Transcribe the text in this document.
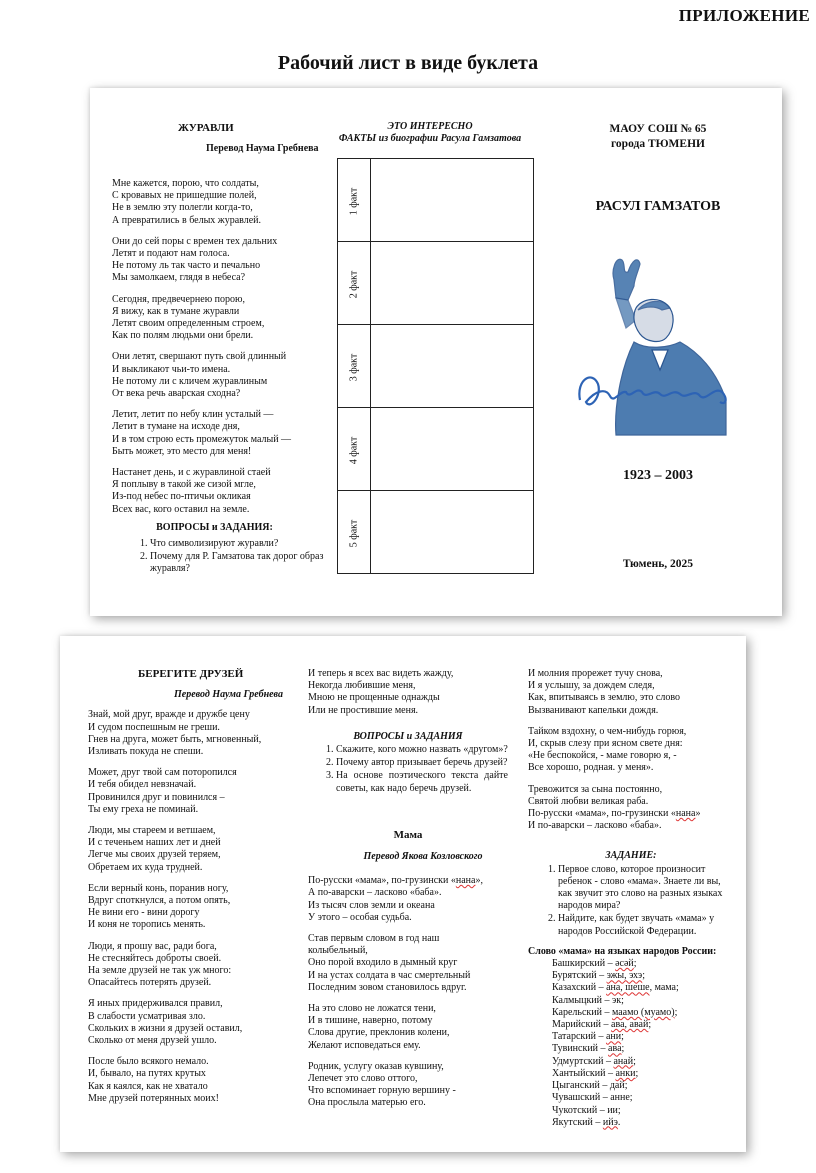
ПРИЛОЖЕНИЕ
Рабочий лист в виде буклета
ЖУРАВЛИ
Перевод Наума Гребнева

Мне кажется, порою, что солдаты,
С кровавых не пришедшие полей,
Не в землю эту полегли когда-то,
А превратились в белых журавлей.

Они до сей поры с времен тех дальних
Летят и подают нам голоса.
Не потому ль так часто и печально
Мы замолкаем, глядя в небеса?

Сегодня, предвечернею порою,
Я вижу, как в тумане журавли
Летят своим определенным строем,
Как по полям людьми они брели.

Они летят, свершают путь свой длинный
И выкликают чьи-то имена.
Не потому ли с кличем журавлиным
От века речь аварская сходна?

Летит, летит по небу клин усталый —
Летит в тумане на исходе дня,
И в том строю есть промежуток малый —
Быть может, это место для меня!

Настанет день, и с журавлиной стаей
Я поплыву в такой же сизой мгле,
Из-под небес по-птичьи окликая
Всех вас, кого оставил на земле.

ВОПРОСЫ и ЗАДАНИЯ:
1. Что символизируют журавли?
2. Почему для Р. Гамзатова так дорог образ журавля?
ЭТО ИНТЕРЕСНО
ФАКТЫ из биографии Расула Гамзатова
1 факт	
2 факт	
3 факт	
4 факт	
5 факт	
МАОУ СОШ № 65
города ТЮМЕНИ
РАСУЛ ГАМЗАТОВ
1923 – 2003
Тюмень, 2025
БЕРЕГИТЕ ДРУЗЕЙ
Перевод Наума Гребнева

Знай, мой друг, вражде и дружбе цену
И судом поспешным не греши.
Гнев на друга, может быть, мгновенный,
Изливать покуда не спеши.

Может, друг твой сам поторопился
И тебя обидел невзначай.
Провинился друг и повинился –
Ты ему греха не поминай.

Люди, мы стареем и ветшаем,
И с теченьем наших лет и дней
Легче мы своих друзей теряем,
Обретаем их куда трудней.

Если верный конь, поранив ногу,
Вдруг споткнулся, а потом опять,
Не вини его - вини дорогу
И коня не торопись менять.

Люди, я прошу вас, ради бога,
Не стесняйтесь доброты своей.
На земле друзей не так уж много:
Опасайтесь потерять друзей.

Я иных придерживался правил,
В слабости усматривая зло.
Скольких в жизни я друзей оставил,
Сколько от меня друзей ушло.

После было всякого немало.
И, бывало, на путях крутых
Как я каялся, как не хватало
Мне друзей потерянных моих!

И теперь я всех вас видеть жажду,
Некогда любившие меня,
Мною не прощенные однажды
Или не простившие меня.

ВОПРОСЫ и ЗАДАНИЯ
1. Скажите, кого можно назвать «другом»?
2. Почему автор призывает беречь друзей?
3. На основе поэтического текста дайте советы, как надо беречь друзей.
Мама
Перевод Якова Козловского

По-русски «мама», по-грузински «нана»,
А по-аварски – ласково «баба».
Из тысяч слов земли и океана
У этого – особая судьба.

Став первым словом в год наш
колыбельный,
Оно порой входило в дымный круг
И на устах солдата в час смертельный
Последним зовом становилось вдруг.

На это слово не ложатся тени,
И в тишине, наверно, потому
Слова другие, преклонив колени,
Желают исповедаться ему.

Родник, услугу оказав кувшину,
Лепечет это слово оттого,
Что вспоминает горную вершину -
Она прослыла матерью его.

И молния прорежет тучу снова,
И я услышу, за дождем следя,
Как, впитываясь в землю, это слово
Вызванивают капельки дождя.

Тайком вздохну, о чем-нибудь горюя,
И, скрыв слезу при ясном свете дня:
«Не беспокойся, - маме говорю я, -
Все хорошо, родная. у меня».

Тревожится за сына постоянно,
Святой любви великая раба.
По-русски «мама», по-грузински «нана»
И по-аварски – ласково «баба».

ЗАДАНИЕ:
1. Первое слово, которое произносит ребенок - слово «мама». Знаете ли вы, как звучит это слово на разных языках народов мира?
2. Найдите, как будет звучать «мама» у народов Российской Федерации.
Слово «мама» на языках народов России:
Башкирский – әсәй;
Бурятский – эжы, эхэ;
Казахский – ана, шеше, мама;
Калмыцкий – эк;
Карельский – маамо (муамо);
Марийский – ава, авай;
Татарский – ани;
Тувинский – ава;
Удмуртский – анай;
Хантыйский – анки;
Цыганский – дай;
Чувашский – анне;
Чукотский – ии;
Якутский – ийэ.
